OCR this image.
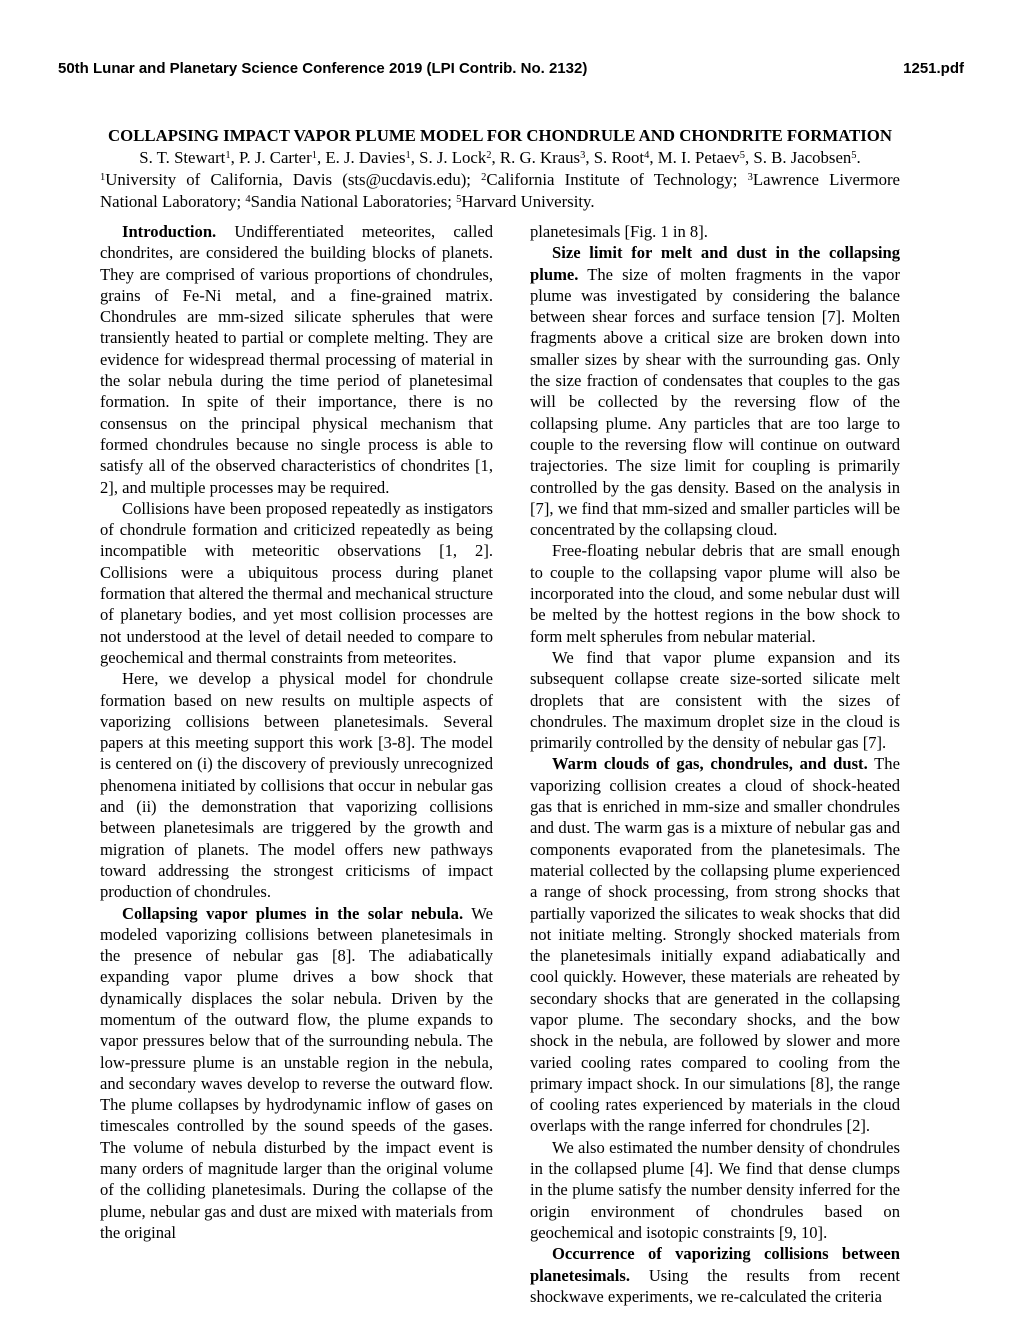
50th Lunar and Planetary Science Conference 2019 (LPI Contrib. No. 2132)	1251.pdf
COLLAPSING IMPACT VAPOR PLUME MODEL FOR CHONDRULE AND CHONDRITE FORMATION
S. T. Stewart$^1$, P. J. Carter$^1$, E. J. Davies$^1$, S. J. Lock$^2$, R. G. Kraus$^3$, S. Root$^4$, M. I. Petaev$^5$, S. B. Jacobsen$^5$.
$^1$University of California, Davis (sts@ucdavis.edu); $^2$California Institute of Technology; $^3$Lawrence Livermore National Laboratory; $^4$Sandia National Laboratories; $^5$Harvard University.

Introduction. Undifferentiated meteorites, called chondrites, are considered the building blocks of planets. They are comprised of various proportions of chondrules, grains of Fe-Ni metal, and a fine-grained matrix. Chondrules are mm-sized silicate spherules that were transiently heated to partial or complete melting. They are evidence for widespread thermal processing of material in the solar nebula during the time period of planetesimal formation. In spite of their importance, there is no consensus on the principal physical mechanism that formed chondrules because no single process is able to satisfy all of the observed characteristics of chondrites [1, 2], and multiple processes may be required.

Collisions have been proposed repeatedly as instigators of chondrule formation and criticized repeatedly as being incompatible with meteoritic observations [1, 2]. Collisions were a ubiquitous process during planet formation that altered the thermal and mechanical structure of planetary bodies, and yet most collision processes are not understood at the level of detail needed to compare to geochemical and thermal constraints from meteorites.

Here, we develop a physical model for chondrule formation based on new results on multiple aspects of vaporizing collisions between planetesimals. Several papers at this meeting support this work [3-8]. The model is centered on (i) the discovery of previously unrecognized phenomena initiated by collisions that occur in nebular gas and (ii) the demonstration that vaporizing collisions between planetesimals are triggered by the growth and migration of planets. The model offers new pathways toward addressing the strongest criticisms of impact production of chondrules.

Collapsing vapor plumes in the solar nebula. We modeled vaporizing collisions between planetesimals in the presence of nebular gas [8]. The adiabatically expanding vapor plume drives a bow shock that dynamically displaces the solar nebula. Driven by the momentum of the outward flow, the plume expands to vapor pressures below that of the surrounding nebula. The low-pressure plume is an unstable region in the nebula, and secondary waves develop to reverse the outward flow. The plume collapses by hydrodynamic inflow of gases on timescales controlled by the sound speeds of the gases. The volume of nebula disturbed by the impact event is many orders of magnitude larger than the original volume of the colliding planetesimals. During the collapse of the plume, nebular gas and dust are mixed with materials from the original

planetesimals [Fig. 1 in 8].

Size limit for melt and dust in the collapsing plume. The size of molten fragments in the vapor plume was investigated by considering the balance between shear forces and surface tension [7]. Molten fragments above a critical size are broken down into smaller sizes by shear with the surrounding gas. Only the size fraction of condensates that couples to the gas will be collected by the reversing flow of the collapsing plume. Any particles that are too large to couple to the reversing flow will continue on outward trajectories. The size limit for coupling is primarily controlled by the gas density. Based on the analysis in [7], we find that mm-sized and smaller particles will be concentrated by the collapsing cloud.

Free-floating nebular debris that are small enough to couple to the collapsing vapor plume will also be incorporated into the cloud, and some nebular dust will be melted by the hottest regions in the bow shock to form melt spherules from nebular material.

We find that vapor plume expansion and its subsequent collapse create size-sorted silicate melt droplets that are consistent with the sizes of chondrules. The maximum droplet size in the cloud is primarily controlled by the density of nebular gas [7].

Warm clouds of gas, chondrules, and dust. The vaporizing collision creates a cloud of shock-heated gas that is enriched in mm-size and smaller chondrules and dust. The warm gas is a mixture of nebular gas and components evaporated from the planetesimals. The material collected by the collapsing plume experienced a range of shock processing, from strong shocks that partially vaporized the silicates to weak shocks that did not initiate melting. Strongly shocked materials from the planetesimals initially expand adiabatically and cool quickly. However, these materials are reheated by secondary shocks that are generated in the collapsing vapor plume. The secondary shocks, and the bow shock in the nebula, are followed by slower and more varied cooling rates compared to cooling from the primary impact shock. In our simulations [8], the range of cooling rates experienced by materials in the cloud overlaps with the range inferred for chondrules [2].

We also estimated the number density of chondrules in the collapsed plume [4]. We find that dense clumps in the plume satisfy the number density inferred for the origin environment of chondrules based on geochemical and isotopic constraints [9, 10].

Occurrence of vaporizing collisions between planetesimals. Using the results from recent shockwave experiments, we re-calculated the criteria
